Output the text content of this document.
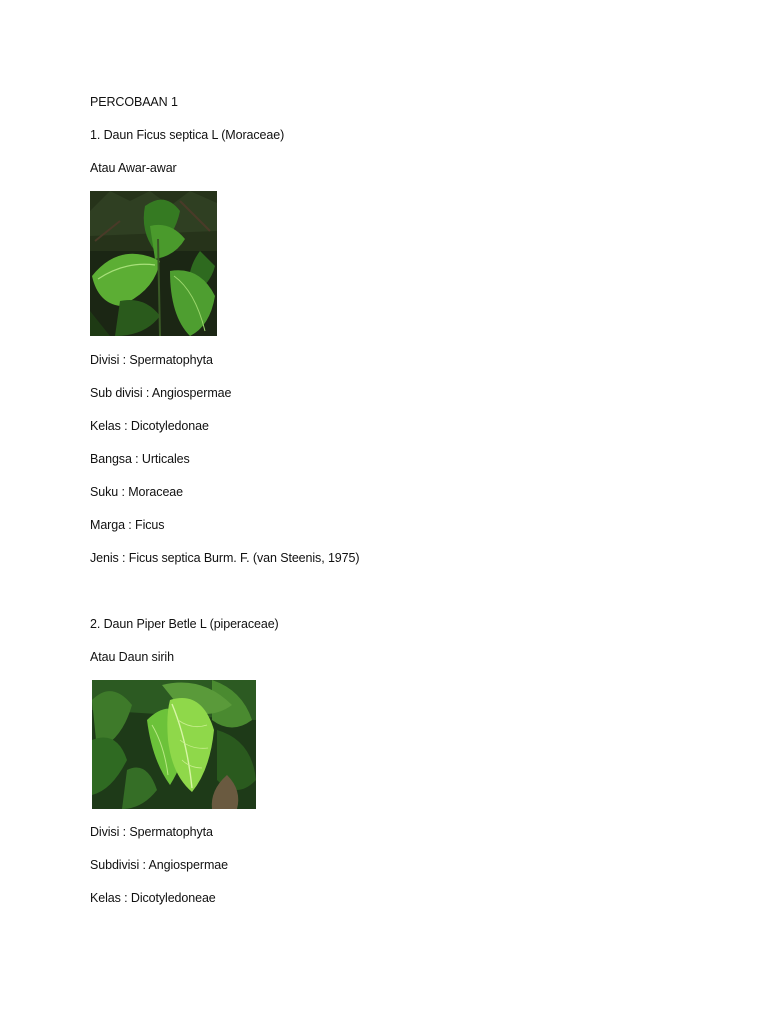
PERCOBAAN 1
1. Daun Ficus septica L (Moraceae)
Atau Awar-awar
Divisi : Spermatophyta
Sub divisi : Angiospermae
Kelas : Dicotyledonae
Bangsa : Urticales
Suku : Moraceae
Marga : Ficus
Jenis : Ficus septica Burm. F. (van Steenis, 1975)
2. Daun Piper Betle L (piperaceae)
Atau Daun sirih
Divisi : Spermatophyta
Subdivisi : Angiospermae
Kelas : Dicotyledoneae
